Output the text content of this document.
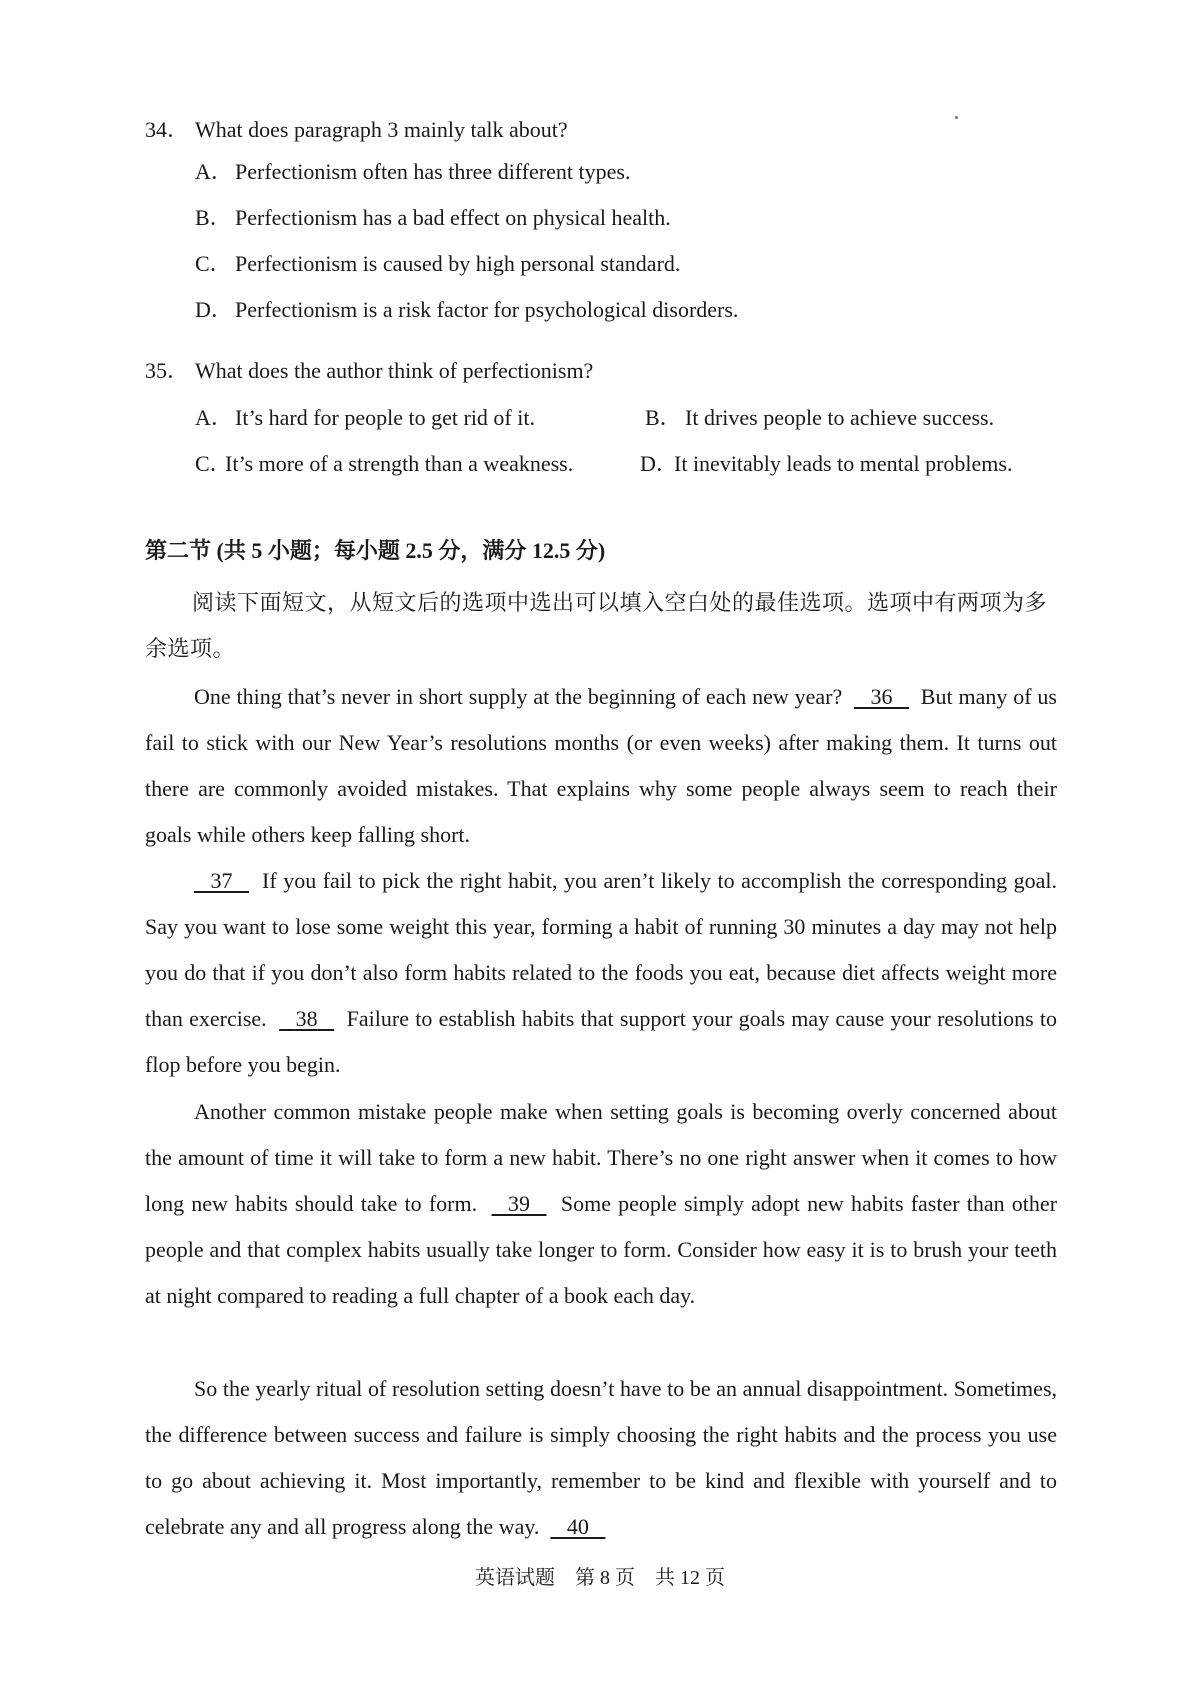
34． What does paragraph 3 mainly talk about?
A．Perfectionism often has three different types.
B． Perfectionism has a bad effect on physical health.
C． Perfectionism is caused by high personal standard.
D．Perfectionism is a risk factor for psychological disorders.
35． What does the author think of perfectionism?
A．It’s hard for people to get rid of it.	B． It drives people to achieve success.
C．It’s more of a strength than a weakness.	D．It inevitably leads to mental problems.
第二节 (共 5 小题；每小题 2.5 分，满分 12.5 分)
阅读下面短文，从短文后的选项中选出可以填入空白处的最佳选项。选项中有两项为多余选项。
One thing that’s never in short supply at the beginning of each new year? 36 But many of us fail to stick with our New Year’s resolutions months (or even weeks) after making them. It turns out there are commonly avoided mistakes. That explains why some people always seem to reach their goals while others keep falling short.
37 If you fail to pick the right habit, you aren’t likely to accomplish the corresponding goal. Say you want to lose some weight this year, forming a habit of running 30 minutes a day may not help you do that if you don’t also form habits related to the foods you eat, because diet affects weight more than exercise. 38 Failure to establish habits that support your goals may cause your resolutions to flop before you begin.
Another common mistake people make when setting goals is becoming overly concerned about the amount of time it will take to form a new habit. There’s no one right answer when it comes to how long new habits should take to form. 39 Some people simply adopt new habits faster than other people and that complex habits usually take longer to form. Consider how easy it is to brush your teeth at night compared to reading a full chapter of a book each day.
So the yearly ritual of resolution setting doesn’t have to be an annual disappointment. Sometimes, the difference between success and failure is simply choosing the right habits and the process you use to go about achieving it. Most importantly, remember to be kind and flexible with yourself and to celebrate any and all progress along the way. 40
英语试题 第 8 页 共 12 页
